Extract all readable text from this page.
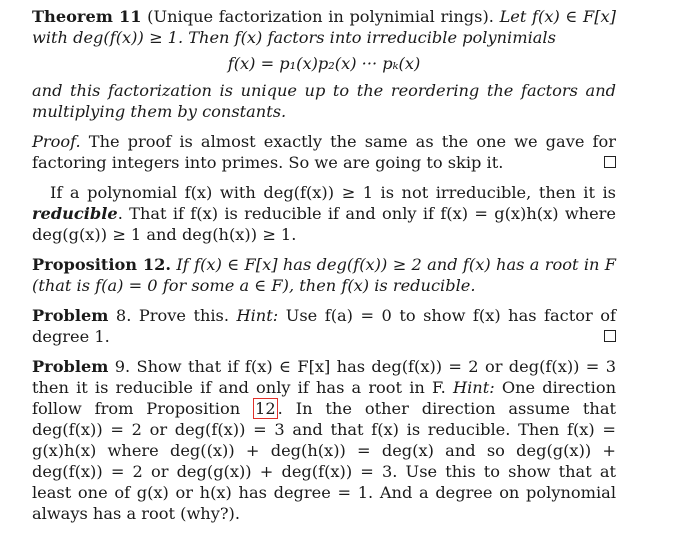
Theorem 11 (Unique factorization in polynimial rings). Let f(x) ∈ F[x] with deg(f(x)) ≥ 1. Then f(x) factors into irreducible polynimials

f(x) = p₁(x)p₂(x) ··· pₖ(x)

and this factorization is unique up to the reordering the factors and multiplying them by constants.

Proof. The proof is almost exactly the same as the one we gave for factoring integers into primes. So we are going to skip it.

If a polynomial f(x) with deg(f(x)) ≥ 1 is not irreducible, then it is reducible. That if f(x) is reducible if and only if f(x) = g(x)h(x) where deg(g(x)) ≥ 1 and deg(h(x)) ≥ 1.

Proposition 12. If f(x) ∈ F[x] has deg(f(x)) ≥ 2 and f(x) has a root in F (that is f(a) = 0 for some a ∈ F), then f(x) is reducible.

Problem 8. Prove this. Hint: Use f(a) = 0 to show f(x) has factor of degree 1.

Problem 9. Show that if f(x) ∈ F[x] has deg(f(x)) = 2 or deg(f(x)) = 3 then it is reducible if and only if has a root in F. Hint: One direction follow from Proposition 12 . In the other direction assume that deg(f(x)) = 2 or deg(f(x)) = 3 and that f(x) is reducible. Then f(x) = g(x)h(x) where deg((x)) + deg(h(x)) = deg(x) and so deg(g(x)) + deg(f(x)) = 2 or deg(g(x)) + deg(f(x)) = 3. Use this to show that at least one of g(x) or h(x) has degree = 1. And a degree on polynomial always has a root (why?).
